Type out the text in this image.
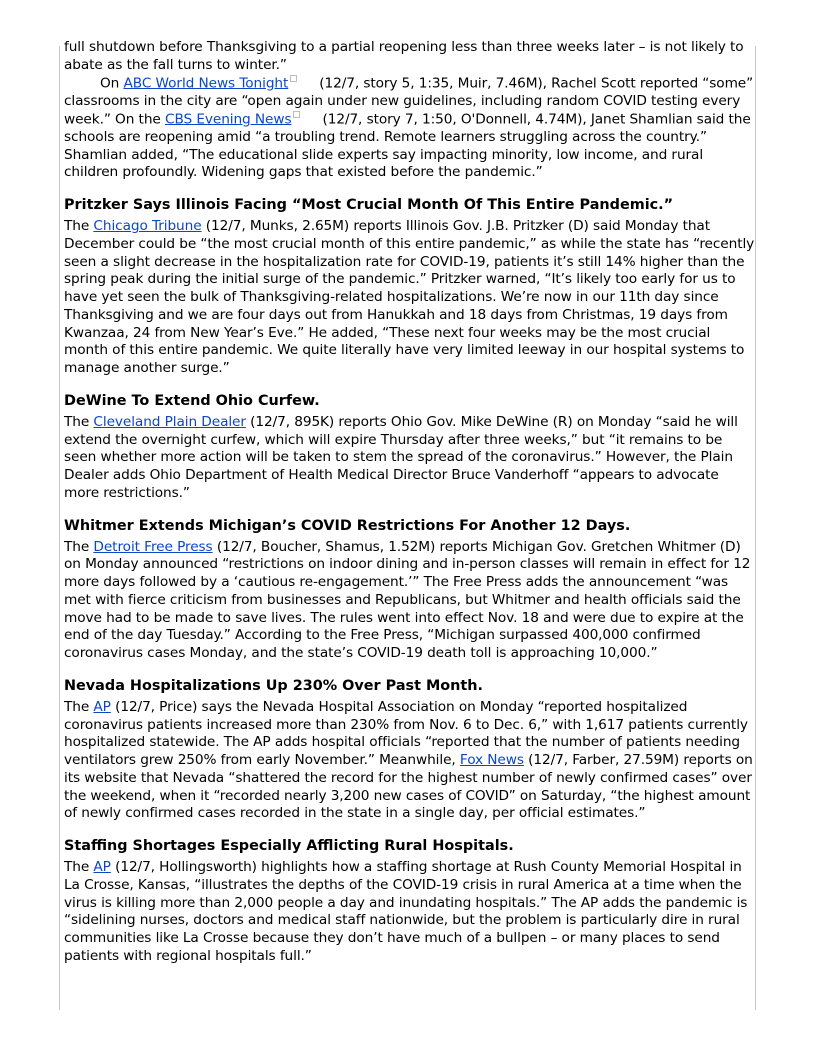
full shutdown before Thanksgiving to a partial reopening less than three weeks later – is not likely to abate as the fall turns to winter.”

On ABC World News Tonight (12/7, story 5, 1:35, Muir, 7.46M), Rachel Scott reported “some” classrooms in the city are “open again under new guidelines, including random COVID testing every week.” On the CBS Evening News (12/7, story 7, 1:50, O'Donnell, 4.74M), Janet Shamlian said the schools are reopening amid “a troubling trend. Remote learners struggling across the country.” Shamlian added, “The educational slide experts say impacting minority, low income, and rural children profoundly. Widening gaps that existed before the pandemic.”

Pritzker Says Illinois Facing “Most Crucial Month Of This Entire Pandemic.”

The Chicago Tribune (12/7, Munks, 2.65M) reports Illinois Gov. J.B. Pritzker (D) said Monday that December could be “the most crucial month of this entire pandemic,” as while the state has “recently seen a slight decrease in the hospitalization rate for COVID-19, patients it’s still 14% higher than the spring peak during the initial surge of the pandemic.” Pritzker warned, “It’s likely too early for us to have yet seen the bulk of Thanksgiving-related hospitalizations. We’re now in our 11th day since Thanksgiving and we are four days out from Hanukkah and 18 days from Christmas, 19 days from Kwanzaa, 24 from New Year’s Eve.” He added, “These next four weeks may be the most crucial month of this entire pandemic. We quite literally have very limited leeway in our hospital systems to manage another surge.”

DeWine To Extend Ohio Curfew.

The Cleveland Plain Dealer (12/7, 895K) reports Ohio Gov. Mike DeWine (R) on Monday “said he will extend the overnight curfew, which will expire Thursday after three weeks,” but “it remains to be seen whether more action will be taken to stem the spread of the coronavirus.” However, the Plain Dealer adds Ohio Department of Health Medical Director Bruce Vanderhoff “appears to advocate more restrictions.”

Whitmer Extends Michigan’s COVID Restrictions For Another 12 Days.

The Detroit Free Press (12/7, Boucher, Shamus, 1.52M) reports Michigan Gov. Gretchen Whitmer (D) on Monday announced “restrictions on indoor dining and in-person classes will remain in effect for 12 more days followed by a ‘cautious re-engagement.’” The Free Press adds the announcement “was met with fierce criticism from businesses and Republicans, but Whitmer and health officials said the move had to be made to save lives. The rules went into effect Nov. 18 and were due to expire at the end of the day Tuesday.” According to the Free Press, “Michigan surpassed 400,000 confirmed coronavirus cases Monday, and the state’s COVID-19 death toll is approaching 10,000.”

Nevada Hospitalizations Up 230% Over Past Month.

The AP (12/7, Price) says the Nevada Hospital Association on Monday “reported hospitalized coronavirus patients increased more than 230% from Nov. 6 to Dec. 6,” with 1,617 patients currently hospitalized statewide. The AP adds hospital officials “reported that the number of patients needing ventilators grew 250% from early November.” Meanwhile, Fox News (12/7, Farber, 27.59M) reports on its website that Nevada “shattered the record for the highest number of newly confirmed cases” over the weekend, when it “recorded nearly 3,200 new cases of COVID” on Saturday, “the highest amount of newly confirmed cases recorded in the state in a single day, per official estimates.”

Staffing Shortages Especially Afflicting Rural Hospitals.

The AP (12/7, Hollingsworth) highlights how a staffing shortage at Rush County Memorial Hospital in La Crosse, Kansas, “illustrates the depths of the COVID-19 crisis in rural America at a time when the virus is killing more than 2,000 people a day and inundating hospitals.” The AP adds the pandemic is “sidelining nurses, doctors and medical staff nationwide, but the problem is particularly dire in rural communities like La Crosse because they don’t have much of a bullpen – or many places to send patients with regional hospitals full.”
